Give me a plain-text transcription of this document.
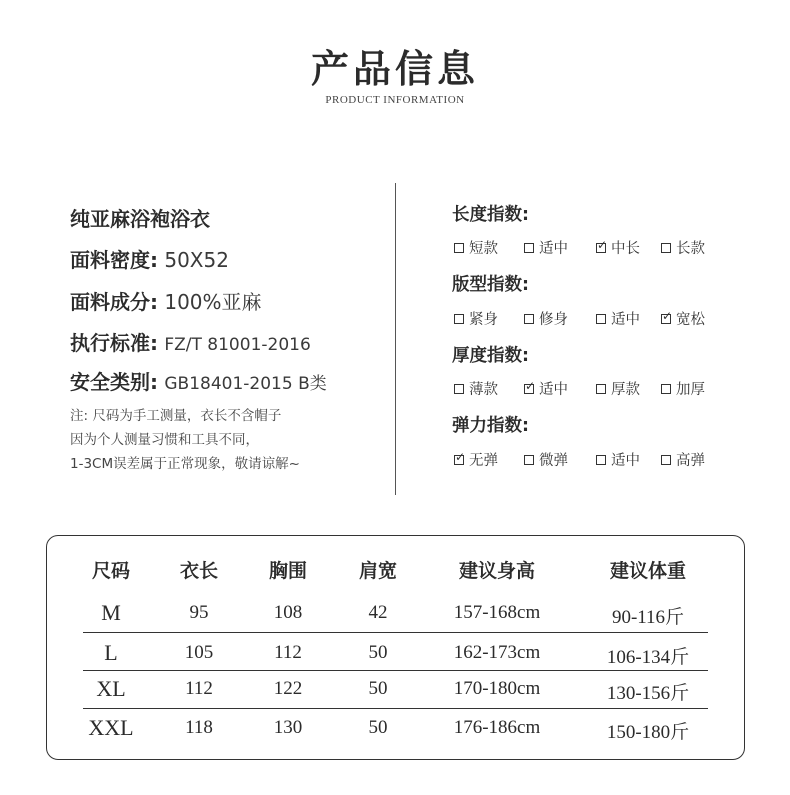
产品信息
PRODUCT INFORMATION
纯亚麻浴袍浴衣
面料密度: 50X52
面料成分: 100%亚麻
执行标准: FZ/T 81001-2016
安全类别: GB18401-2015 B类
注: 尺码为手工测量，衣长不含帽子
因为个人测量习惯和工具不同，
1-3CM误差属于正常现象，敬请谅解~
长度指数:
短款	适中 ✓ 中长 长款
版型指数:
紧身	修身	适中 ✓ 宽松
厚度指数:
薄款 ✓ 适中	厚款 加厚
弹力指数:
✓ 无弹	微弹	适中 高弹
尺码	衣长	胸围	肩宽	建议身高	建议体重
M	95	108	42	157-168cm	90-116斤
L	105	112	50	162-173cm	106-134斤
XL	112	122	50	170-180cm	130-156斤
XXL	118	130	50	176-186cm	150-180斤
